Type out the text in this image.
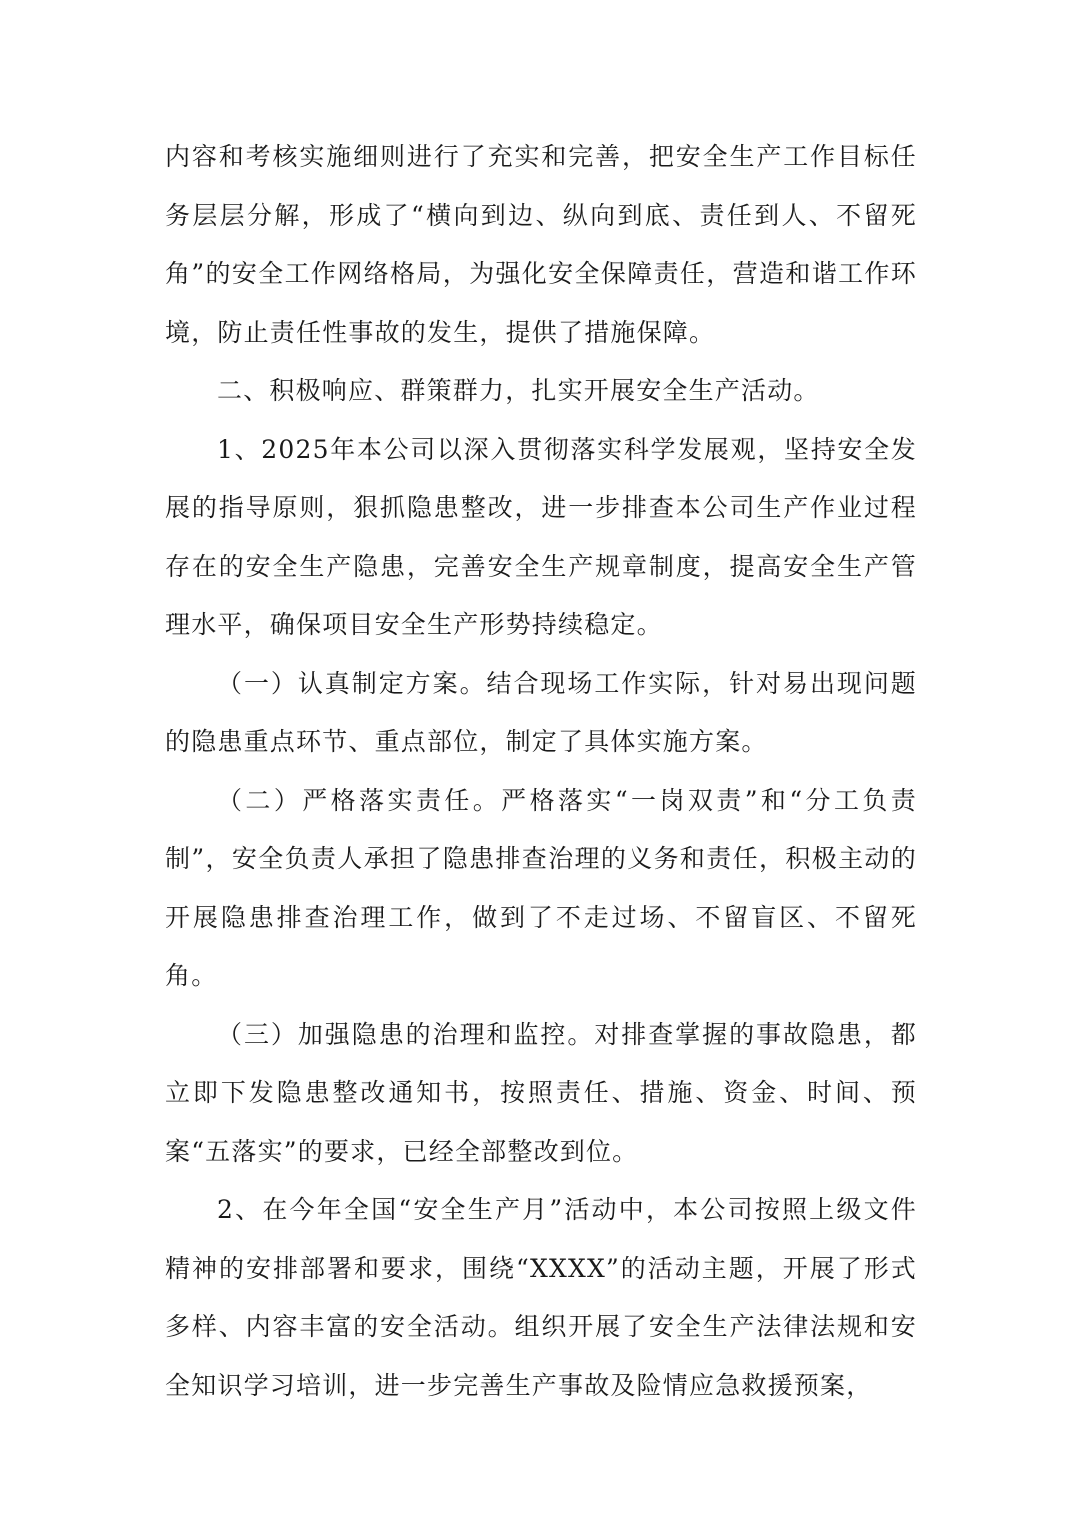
内容和考核实施细则进行了充实和完善，把安全生产工作目标任务层层分解，形成了“横向到边、纵向到底、责任到人、不留死角”的安全工作网络格局，为强化安全保障责任，营造和谐工作环境，防止责任性事故的发生，提供了措施保障。

二、积极响应、群策群力，扎实开展安全生产活动。

1、2025年本公司以深入贯彻落实科学发展观，坚持安全发展的指导原则，狠抓隐患整改，进一步排查本公司生产作业过程存在的安全生产隐患，完善安全生产规章制度，提高安全生产管理水平，确保项目安全生产形势持续稳定。

（一）认真制定方案。结合现场工作实际，针对易出现问题的隐患重点环节、重点部位，制定了具体实施方案。

（二）严格落实责任。严格落实“一岗双责”和“分工负责制”，安全负责人承担了隐患排查治理的义务和责任，积极主动的开展隐患排查治理工作，做到了不走过场、不留盲区、不留死角。

（三）加强隐患的治理和监控。对排查掌握的事故隐患，都立即下发隐患整改通知书，按照责任、措施、资金、时间、预案“五落实”的要求，已经全部整改到位。

2、在今年全国“安全生产月”活动中，本公司按照上级文件精神的安排部署和要求，围绕“XXXX”的活动主题，开展了形式多样、内容丰富的安全活动。组织开展了安全生产法律法规和安全知识学习培训，进一步完善生产事故及险情应急救援预案，
